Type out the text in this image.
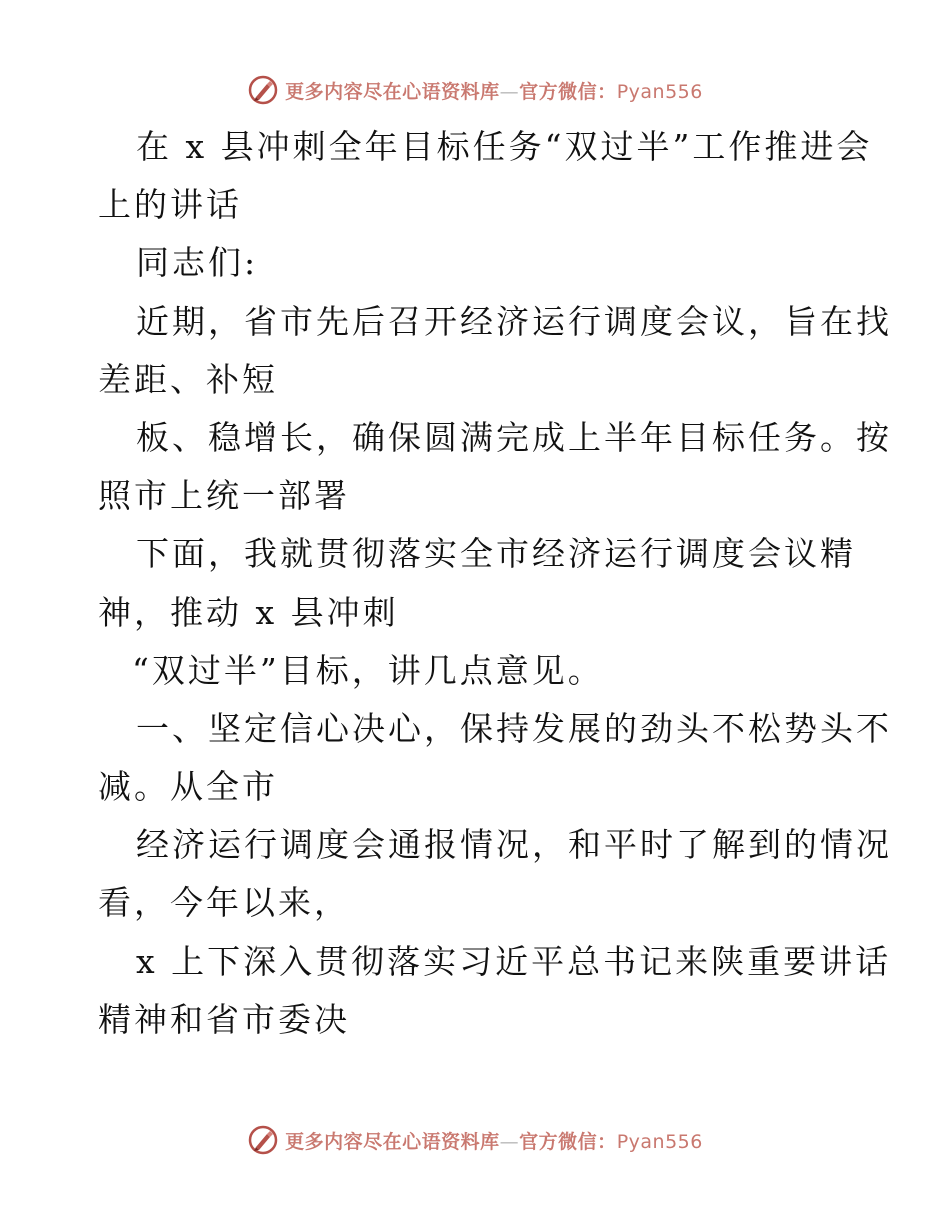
更多内容尽在心语资料库—官方微信：Pyan556
在 x 县冲刺全年目标任务“双过半”工作推进会
上的讲话
同志们:
近期，省市先后召开经济运行调度会议，旨在找
差距、补短
板、稳增长，确保圆满完成上半年目标任务。按
照市上统一部署
下面，我就贯彻落实全市经济运行调度会议精
神，推动 x 县冲刺
“双过半”目标，讲几点意见。
一、坚定信心决心，保持发展的劲头不松势头不
减。从全市
经济运行调度会通报情况，和平时了解到的情况
看，今年以来，
x 上下深入贯彻落实习近平总书记来陕重要讲话
精神和省市委决
更多内容尽在心语资料库—官方微信：Pyan556
